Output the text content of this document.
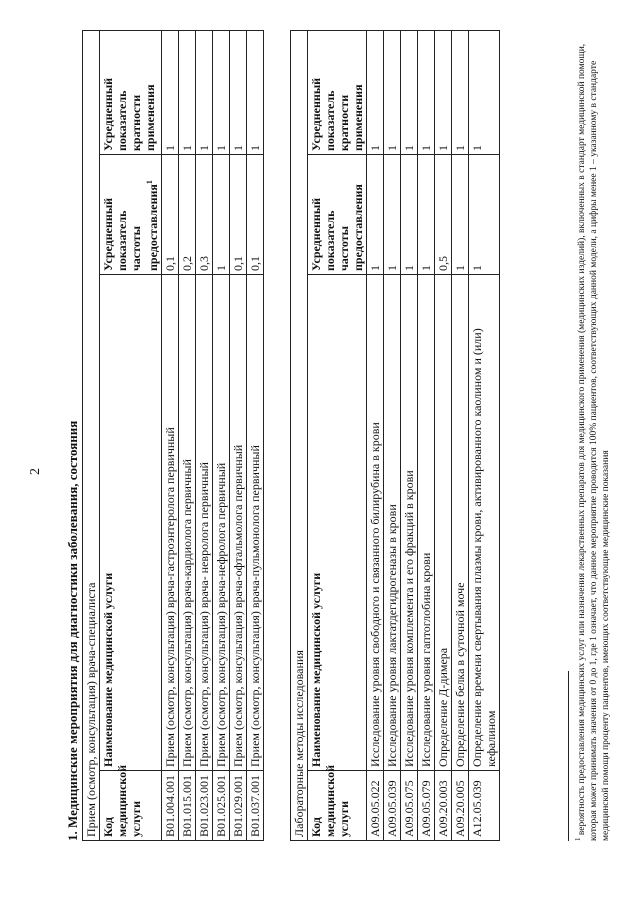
2 1. Медицинские мероприятия для диагностики заболевания, состояния Прием (осмотр, консультация) врача-специалиста			

Код медицинской услуги	Наименование медицинской услуги	Усредненный показатель частоты предоставления$^1$	Усредненный показатель кратности применения

B01.004.001	Прием (осмотр, консультация) врача-гастроэнтеролога первичный	0,1	1
B01.015.001	Прием (осмотр, консультация) врача-кардиолога первичный	0,2	1
B01.023.001	Прием (осмотр, консультация) врача- невролога первичный	0,3	1
B01.025.001	Прием (осмотр, консультация) врача-нефролога первичный	1	1
B01.029.001	Прием (осмотр, консультация) врача-офтальмолога первичный	0,1	1
B01.037.001	Прием (осмотр, консультация) врача-пульмонолога первичный	0,1	1
Лабораторные методы исследования			

Код медицинской услуги	Наименование медицинской услуги	Усредненный показатель частоты предоставления	Усредненный показатель кратности применения

A09.05.022	Исследование уровня свободного и связанного билирубина в крови	1	1
A09.05.039	Исследование уровня лактатдегидрогеназы в крови	1	1
A09.05.075	Исследование уровня комплемента и его фракций в крови	1	1
A09.05.079	Исследование уровня гаптоглобина крови	1	1
A09.20.003	Определение Д-димера	0,5	1
A09.20.005	Определение белка в суточной моче	1	1
A12.05.039	Определение времени свертывания плазмы крови, активированного каолином и (или) кефалином	1	1
$^1$ вероятность предоставления медицинских услуг или назначения лекарственных препаратов для медицинского применения (медицинских изделий), включенных в стандарт медицинской помощи, которая может принимать значения от 0 до 1, где 1 означает, что данное мероприятие проводится 100% пациентов, соответствующих данной модели, а цифры менее 1 – указанному в стандарте медицинской помощи проценту пациентов, имеющих соответствующие медицинские показания
